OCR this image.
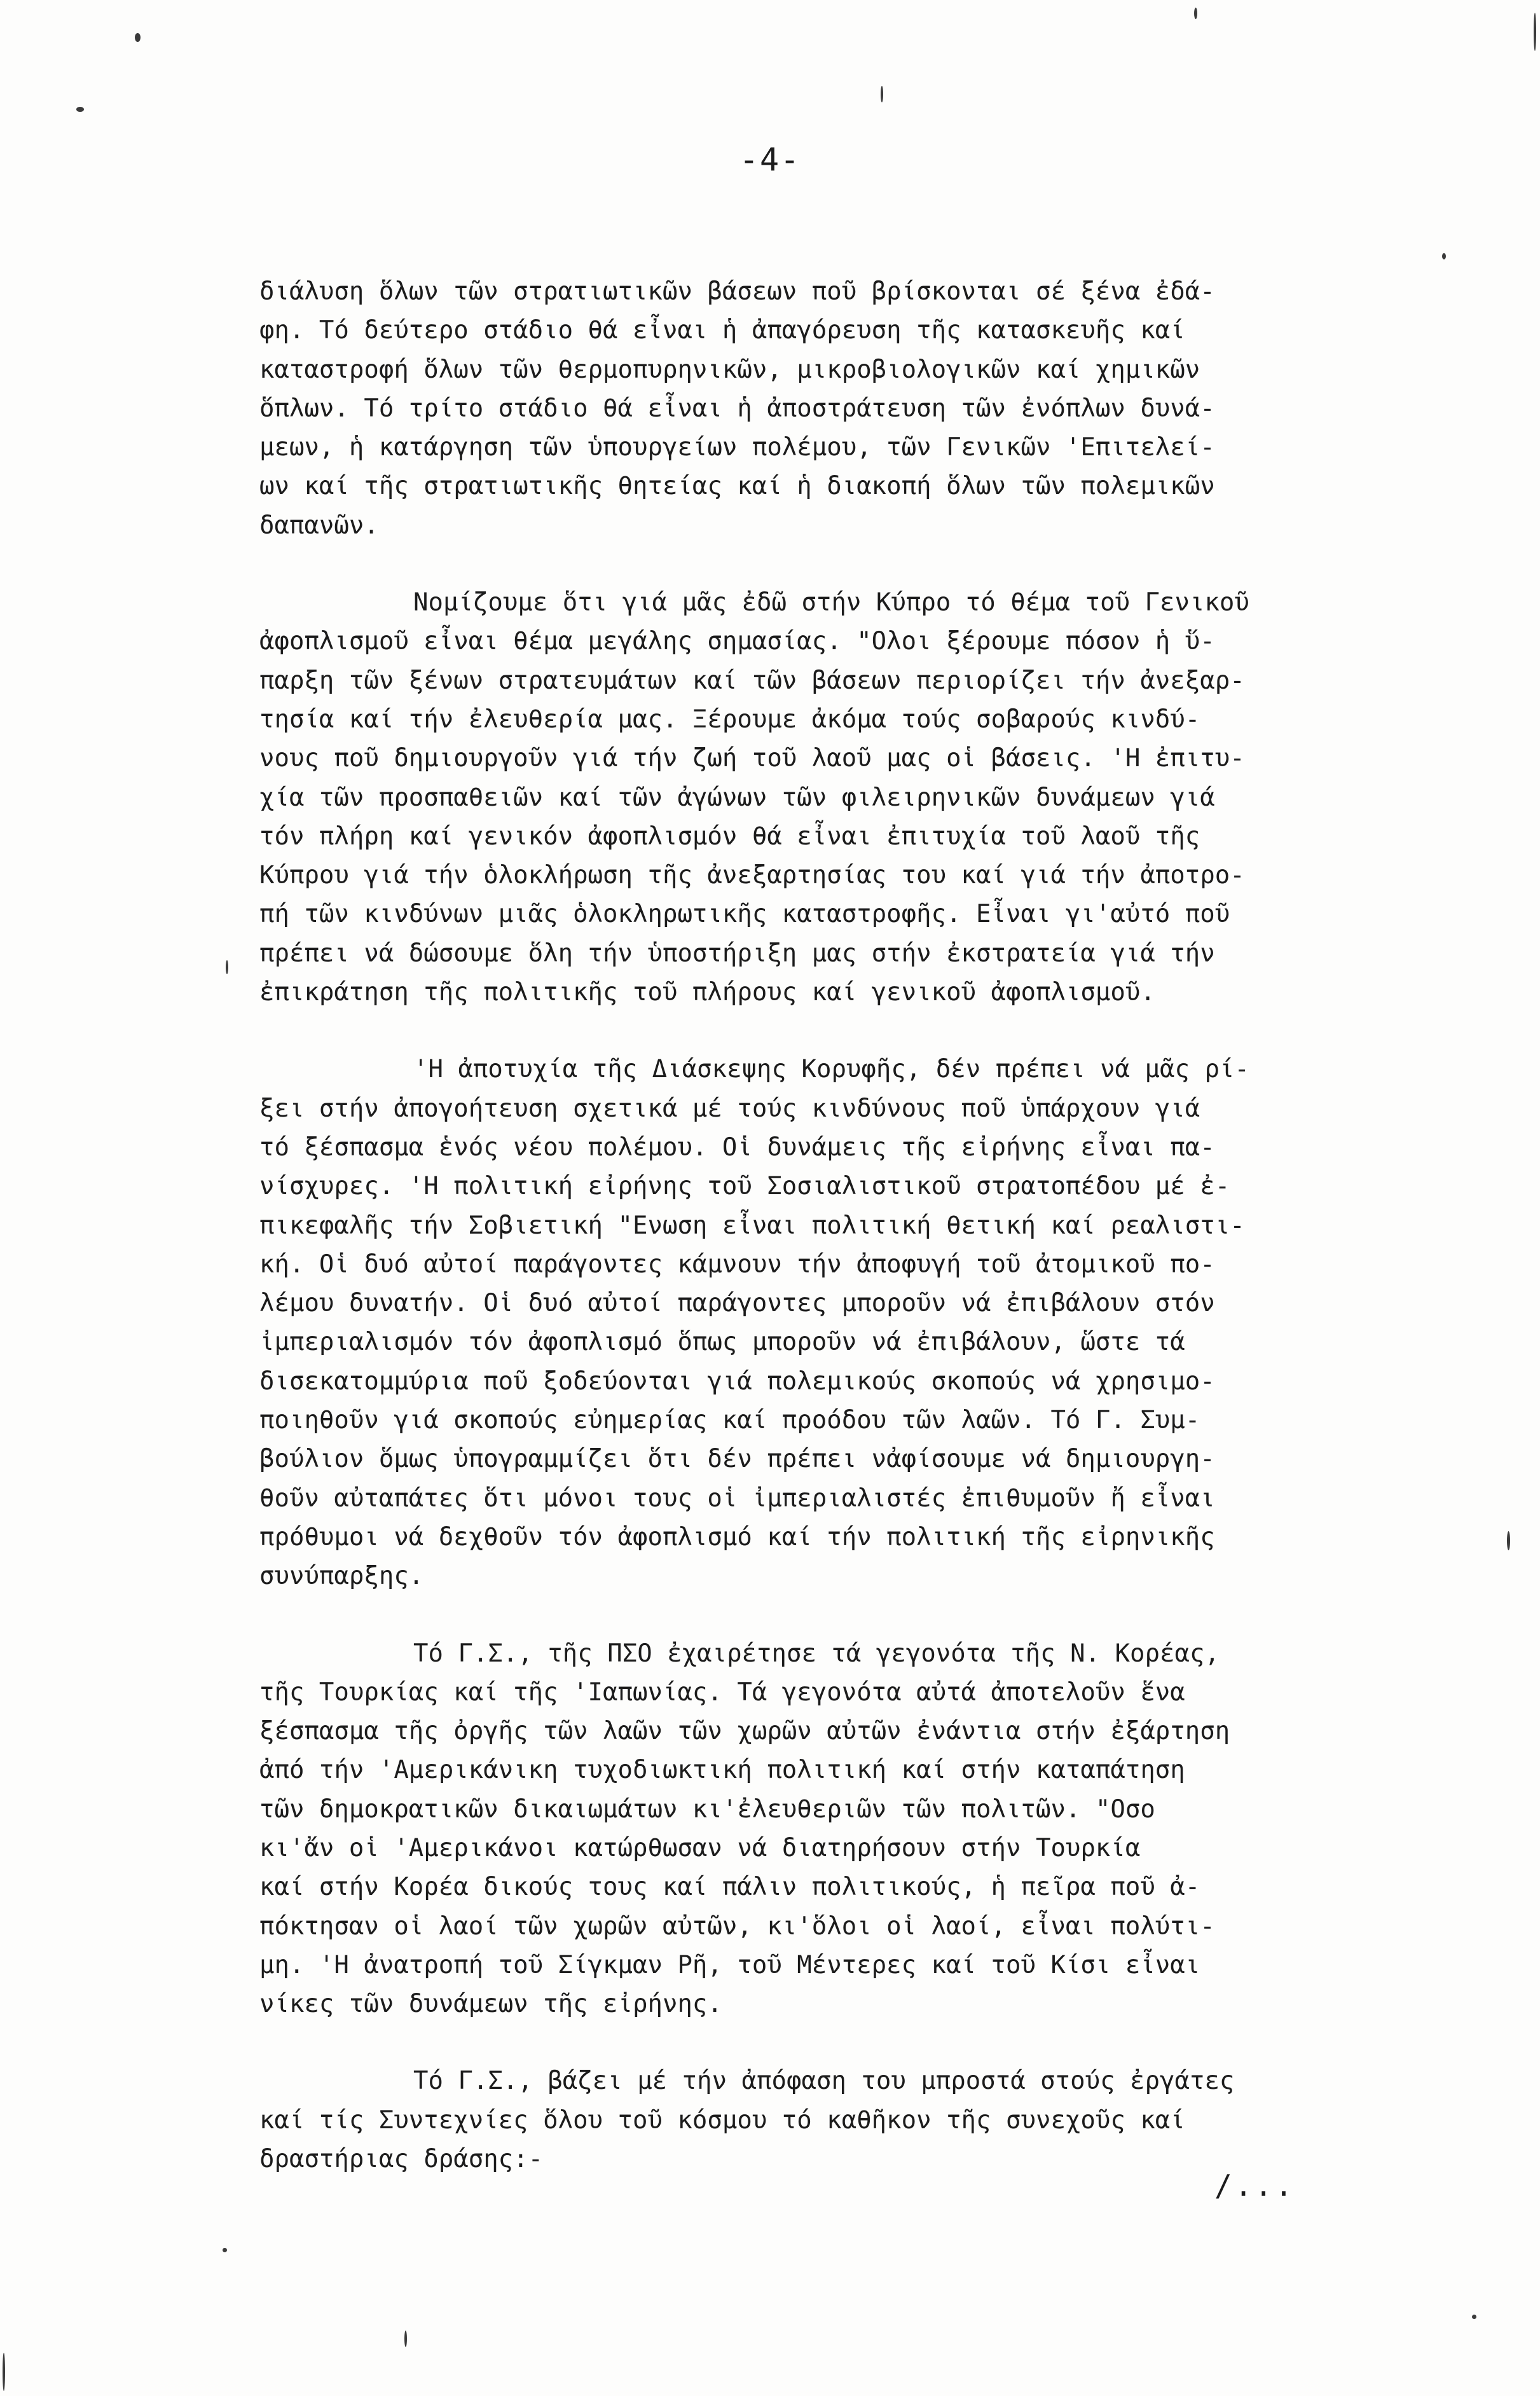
-4-
διάλυση ὅλων τῶν στρατιωτικῶν βάσεων ποῦ βρίσκονται σέ ξένα ἐδά-
φη. Τό δεύτερο στάδιο θά εἶναι ἡ ἀπαγόρευση τῆς κατασκευῆς καί
καταστροφή ὅλων τῶν θερμοπυρηνικῶν, μικροβιολογικῶν καί χημικῶν
ὅπλων. Τό τρίτο στάδιο θά εἶναι ἡ ἀποστράτευση τῶν ἐνόπλων δυνά-
μεων, ἡ κατάργηση τῶν ὑπουργείων πολέμου, τῶν Γενικῶν 'Επιτελεί-
ων καί τῆς στρατιωτικῆς θητείας καί ἡ διακοπή ὅλων τῶν πολεμικῶν
δαπανῶν.
Νομίζουμε ὅτι γιά μᾶς ἐδῶ στήν Κύπρο τό θέμα τοῦ Γενικοῦ
ἀφοπλισμοῦ εἶναι θέμα μεγάλης σημασίας. "Ολοι ξέρουμε πόσον ἡ ὕ-
παρξη τῶν ξένων στρατευμάτων καί τῶν βάσεων περιορίζει τήν ἀνεξαρ-
τησία καί τήν ἐλευθερία μας. Ξέρουμε ἀκόμα τούς σοβαρούς κινδύ-
νους ποῦ δημιουργοῦν γιά τήν ζωή τοῦ λαοῦ μας οἱ βάσεις. 'Η ἐπιτυ-
χία τῶν προσπαθειῶν καί τῶν ἀγώνων τῶν φιλειρηνικῶν δυνάμεων γιά
τόν πλήρη καί γενικόν ἀφοπλισμόν θά εἶναι ἐπιτυχία τοῦ λαοῦ τῆς
Κύπρου γιά τήν ὁλοκλήρωση τῆς ἀνεξαρτησίας του καί γιά τήν ἀποτρο-
πή τῶν κινδύνων μιᾶς ὁλοκληρωτικῆς καταστροφῆς. Εἶναι γι'αὐτό ποῦ
πρέπει νά δώσουμε ὅλη τήν ὑποστήριξη μας στήν ἐκστρατεία γιά τήν
ἐπικράτηση τῆς πολιτικῆς τοῦ πλήρους καί γενικοῦ ἀφοπλισμοῦ.
'Η ἀποτυχία τῆς Διάσκεψης Κορυφῆς, δέν πρέπει νά μᾶς ρί-
ξει στήν ἀπογοήτευση σχετικά μέ τούς κινδύνους ποῦ ὑπάρχουν γιά
τό ξέσπασμα ἑνός νέου πολέμου. Οἱ δυνάμεις τῆς εἰρήνης εἶναι πα-
νίσχυρες. 'Η πολιτική εἰρήνης τοῦ Σοσιαλιστικοῦ στρατοπέδου μέ ἐ-
πικεφαλῆς τήν Σοβιετική "Ενωση εἶναι πολιτική θετική καί ρεαλιστι-
κή. Οἱ δυό αὐτοί παράγοντες κάμνουν τήν ἀποφυγή τοῦ ἀτομικοῦ πο-
λέμου δυνατήν. Οἱ δυό αὐτοί παράγοντες μποροῦν νά ἐπιβάλουν στόν
ἰμπεριαλισμόν τόν ἀφοπλισμό ὅπως μποροῦν νά ἐπιβάλουν, ὥστε τά
δισεκατομμύρια ποῦ ξοδεύονται γιά πολεμικούς σκοπούς νά χρησιμο-
ποιηθοῦν γιά σκοπούς εὐημερίας καί προόδου τῶν λαῶν. Τό Γ. Συμ-
βούλιον ὅμως ὑπογραμμίζει ὅτι δέν πρέπει νἀφίσουμε νά δημιουργη-
θοῦν αὐταπάτες ὅτι μόνοι τους οἱ ἰμπεριαλιστές ἐπιθυμοῦν ἤ εἶναι
πρόθυμοι νά δεχθοῦν τόν ἀφοπλισμό καί τήν πολιτική τῆς εἰρηνικῆς
συνύπαρξης.
Τό Γ.Σ., τῆς ΠΣΟ ἐχαιρέτησε τά γεγονότα τῆς Ν. Κορέας,
τῆς Τουρκίας καί τῆς 'Ιαπωνίας. Τά γεγονότα αὐτά ἀποτελοῦν ἕνα
ξέσπασμα τῆς ὀργῆς τῶν λαῶν τῶν χωρῶν αὐτῶν ἐνάντια στήν ἐξάρτηση
ἀπό τήν 'Αμερικάνικη τυχοδιωκτική πολιτική καί στήν καταπάτηση
τῶν δημοκρατικῶν δικαιωμάτων κι'ἐλευθεριῶν τῶν πολιτῶν. "Οσο
κι'ἄν οἱ 'Αμερικάνοι κατώρθωσαν νά διατηρήσουν στήν Τουρκία
καί στήν Κορέα δικούς τους καί πάλιν πολιτικούς, ἡ πεῖρα ποῦ ἀ-
πόκτησαν οἱ λαοί τῶν χωρῶν αὐτῶν, κι'ὅλοι οἱ λαοί, εἶναι πολύτι-
μη. 'Η ἀνατροπή τοῦ Σίγκμαν Ρῆ, τοῦ Μέντερες καί τοῦ Κίσι εἶναι
νίκες τῶν δυνάμεων τῆς εἰρήνης.
Τό Γ.Σ., βάζει μέ τήν ἀπόφαση του μπροστά στούς ἐργάτες
καί τίς Συντεχνίες ὅλου τοῦ κόσμου τό καθῆκον τῆς συνεχοῦς καί
δραστήριας δράσης:-
/...
